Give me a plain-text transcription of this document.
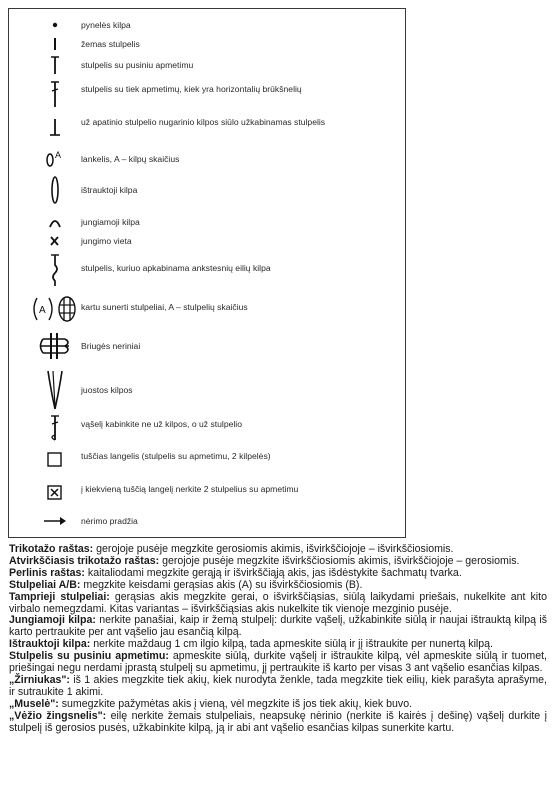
pynelės kilpa
žemas stulpelis
stulpelis su pusiniu apmetimu
stulpelis su tiek apmetimų, kiek yra horizontalių brūkšnelių
už apatinio stulpelio nugarinio kilpos siūlo užkabinamas stulpelis
A lankelis, A – kilpų skaičius
ištrauktoji kilpa
jungiamoji kilpa
jungimo vieta
stulpelis, kuriuo apkabinama ankstesnių eilių kilpa
A	kartu sunerti stulpeliai, A – stulpelių skaičius
Briugės neriniai
juostos kilpos
vąšelį kabinkite ne už kilpos, o už stulpelio
tuščias langelis (stulpelis su apmetimu, 2 kilpelės)
į kiekvieną tuščią langelį nerkite 2 stulpelius su apmetimu
nėrimo pradžia

Trikotažo raštas: gerojoje pusėje megzkite gerosiomis akimis, išvirkščiojoje – išvirkščiosiomis.

Atvirkščiasis trikotažo raštas: gerojoje pusėje megzkite išvirkščiosiomis akimis, išvirkščiojoje – gerosiomis.

Perlinis raštas: kaitaliodami megzkite gerąją ir išvirkščiąją akis, jas išdėstykite šachmatų tvarka.

Stulpeliai A/B: megzkite keisdami gerąsias akis (A) su išvirkščiosiomis (B).

Tamprieji stulpeliai: gerąsias akis megzkite gerai, o išvirkščiąsias, siūlą laikydami priešais, nukelkite ant kito virbalo nemegzdami. Kitas variantas – išvirkščiąsias akis nukelkite tik vienoje mezginio pusėje.

Jungiamoji kilpa: nerkite panašiai, kaip ir žemą stulpelį: durkite vąšelį, užkabinkite siūlą ir naujai ištrauktą kilpą iš karto pertraukite per ant vąšelio jau esančią kilpą.

Ištrauktoji kilpa: nerkite maždaug 1 cm ilgio kilpą, tada apmeskite siūlą ir jį ištraukite per nunertą kilpą.

Stulpelis su pusiniu apmetimu: apmeskite siūlą, durkite vąšelį ir ištraukite kilpą, vėl apmeskite siūlą ir tuomet, priešingai negu nerdami įprastą stulpelį su apmetimu, jį pertraukite iš karto per visas 3 ant vąšelio esančias kilpas.

„Žirniukas": iš 1 akies megzkite tiek akių, kiek nurodyta ženkle, tada megzkite tiek eilių, kiek parašyta aprašyme, ir sutraukite 1 akimi.

„Muselė": sumegzkite pažymėtas akis į vieną, vėl megzkite iš jos tiek akių, kiek buvo.

„Vėžio žingsnelis": eilę nerkite žemais stulpeliais, neapsukę nėrinio (nerkite iš kairės į dešinę) vąšelį durkite į stulpelį iš gerosios pusės, užkabinkite kilpą, ją ir abi ant vąšelio esančias kilpas sunerkite kartu.
